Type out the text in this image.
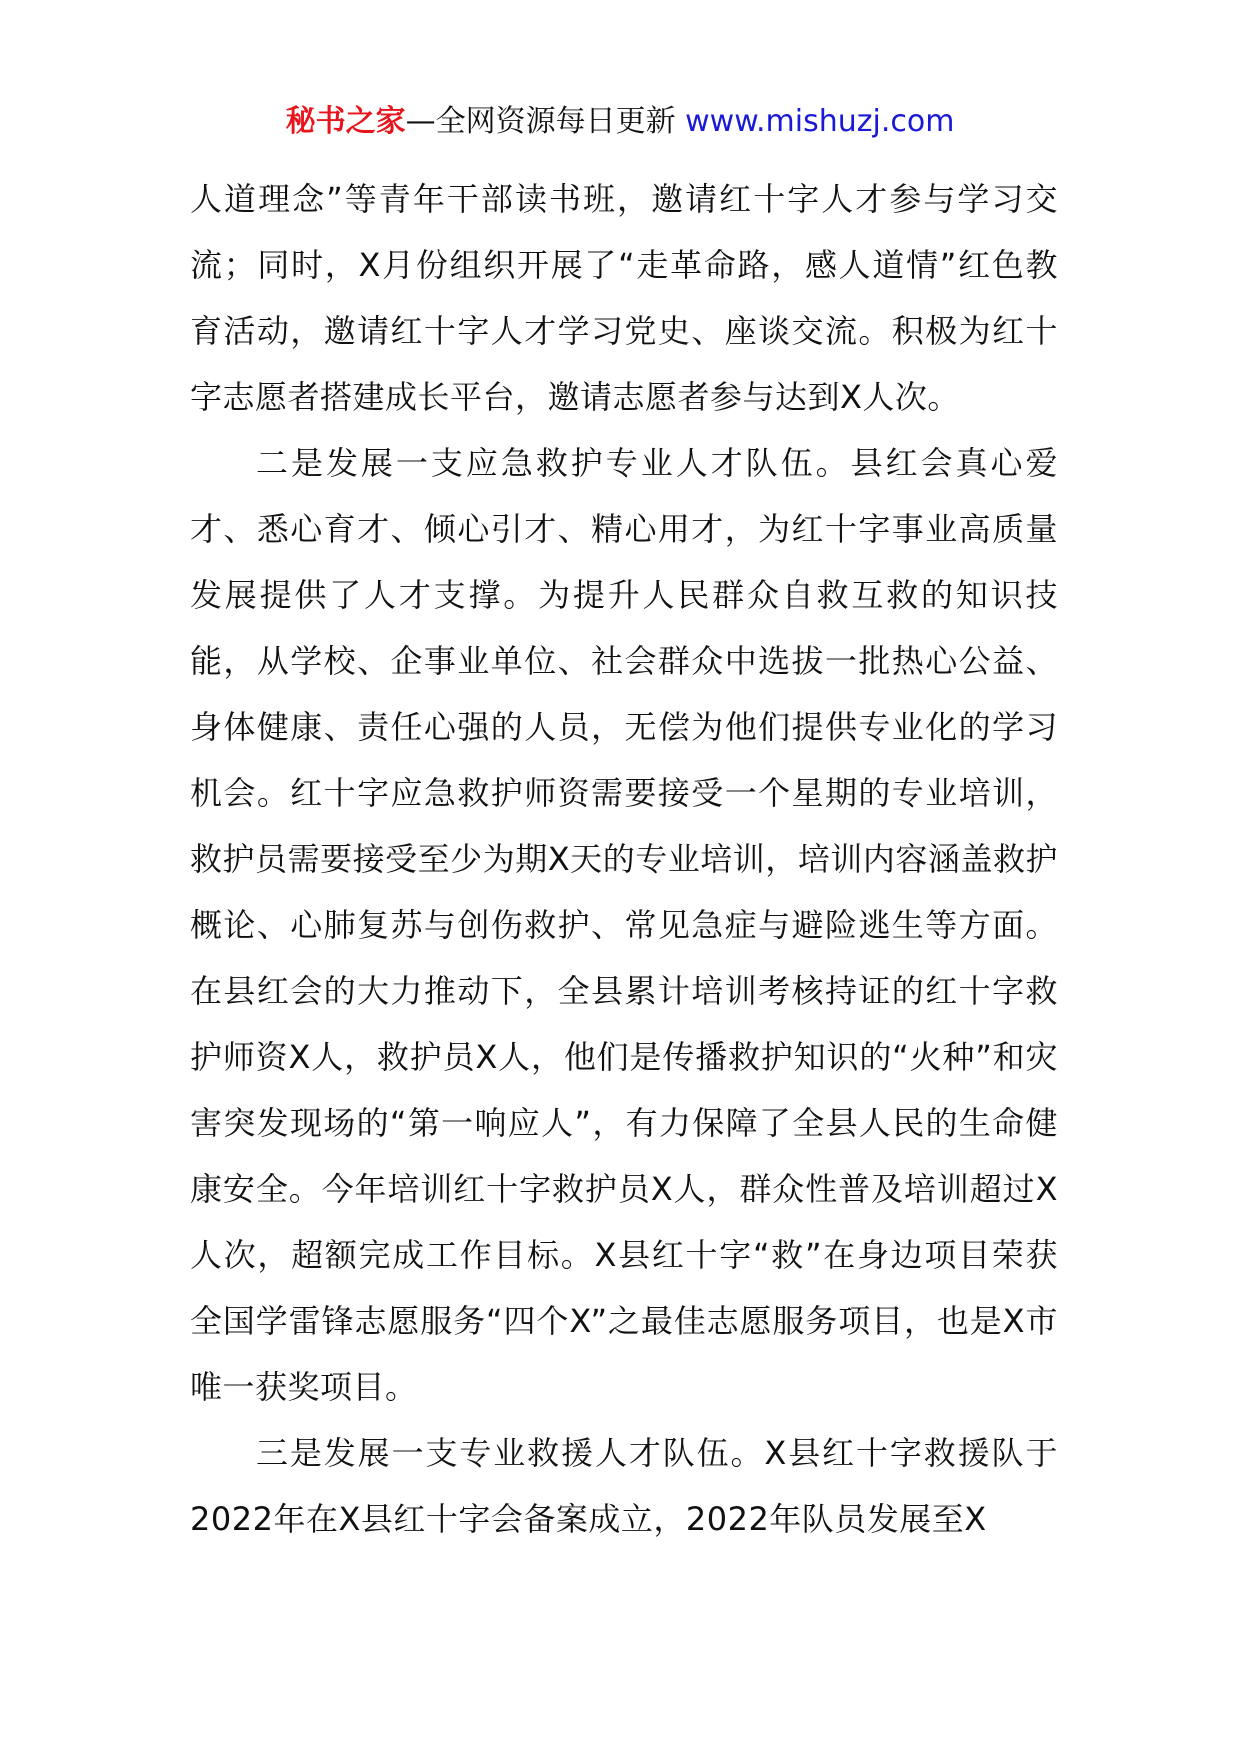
秘书之家—全网资源每日更新 www.mishuzj.com

人道理念”等青年干部读书班，邀请红十字人才参与学习交流；同时，X月份组织开展了“走革命路，感人道情”红色教育活动，邀请红十字人才学习党史、座谈交流。积极为红十字志愿者搭建成长平台，邀请志愿者参与达到X人次。

二是发展一支应急救护专业人才队伍。县红会真心爱才、悉心育才、倾心引才、精心用才，为红十字事业高质量发展提供了人才支撑。为提升人民群众自救互救的知识技能，从学校、企事业单位、社会群众中选拔一批热心公益、身体健康、责任心强的人员，无偿为他们提供专业化的学习机会。红十字应急救护师资需要接受一个星期的专业培训，救护员需要接受至少为期X天的专业培训，培训内容涵盖救护概论、心肺复苏与创伤救护、常见急症与避险逃生等方面。在县红会的大力推动下，全县累计培训考核持证的红十字救护师资X人，救护员X人，他们是传播救护知识的“火种”和灾害突发现场的“第一响应人”，有力保障了全县人民的生命健康安全。今年培训红十字救护员X人，群众性普及培训超过X人次，超额完成工作目标。X县红十字“救”在身边项目荣获全国学雷锋志愿服务“四个X”之最佳志愿服务项目，也是X市唯一获奖项目。

三是发展一支专业救援人才队伍。X县红十字救援队于2022年在X县红十字会备案成立，2022年队员发展至X
